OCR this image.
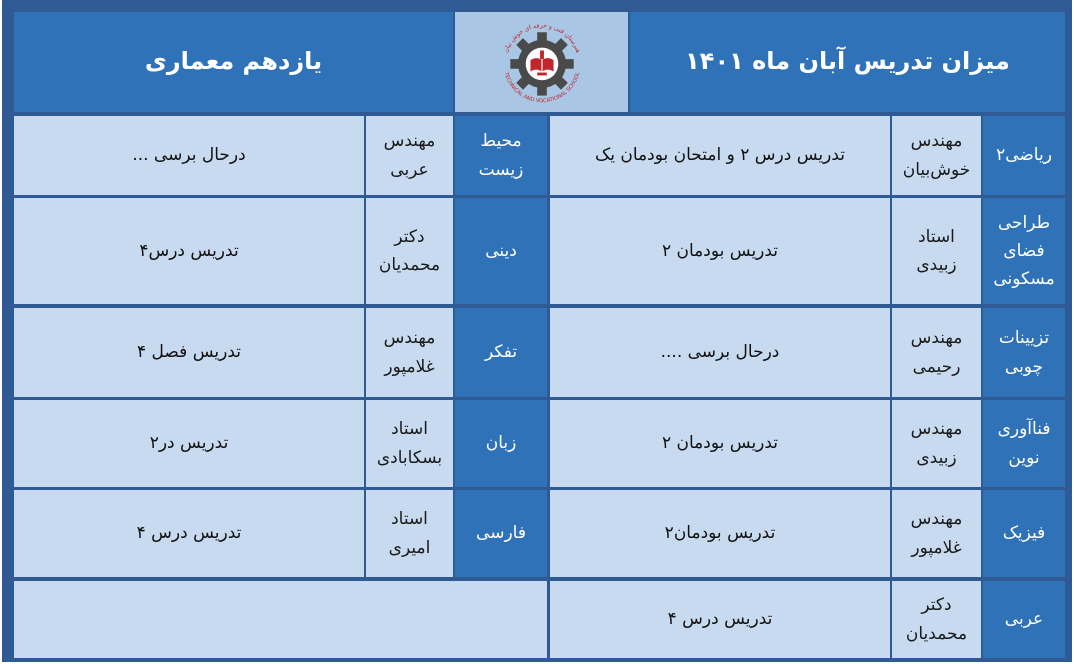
میزان تدریس آبان ماه ۱۴۰۱
هنرستان فنی و حرفه ای خوش بیان
TECHNICAL AND VOCATIONAL SCHOOL
یازدهم معماری
ریاضی۲
مهندس
خوش‌بیان
تدریس درس ۲ و امتحان بودمان یک
طراحی
فضای
مسکونی
استاد
زبیدی
تدریس بودمان ۲
تزیینات
چوبی
مهندس
رحیمی
درحال برسی ....
فناآوری
نوین
مهندس
زبیدی
تدریس بودمان ۲
فیزیک
مهندس
غلامپور
تدریس بودمان۲
عربی
دکتر
محمدیان
تدریس درس ۴
محیط
زیست
مهندس
عربی
درحال برسی ...
دینی
دکتر
محمدیان
تدریس درس۴
تفکر
مهندس
غلامپور
تدریس فصل ۴
زبان
استاد
بسکابادی
تدریس در۲
فارسی
استاد
امیری
تدریس درس ۴
